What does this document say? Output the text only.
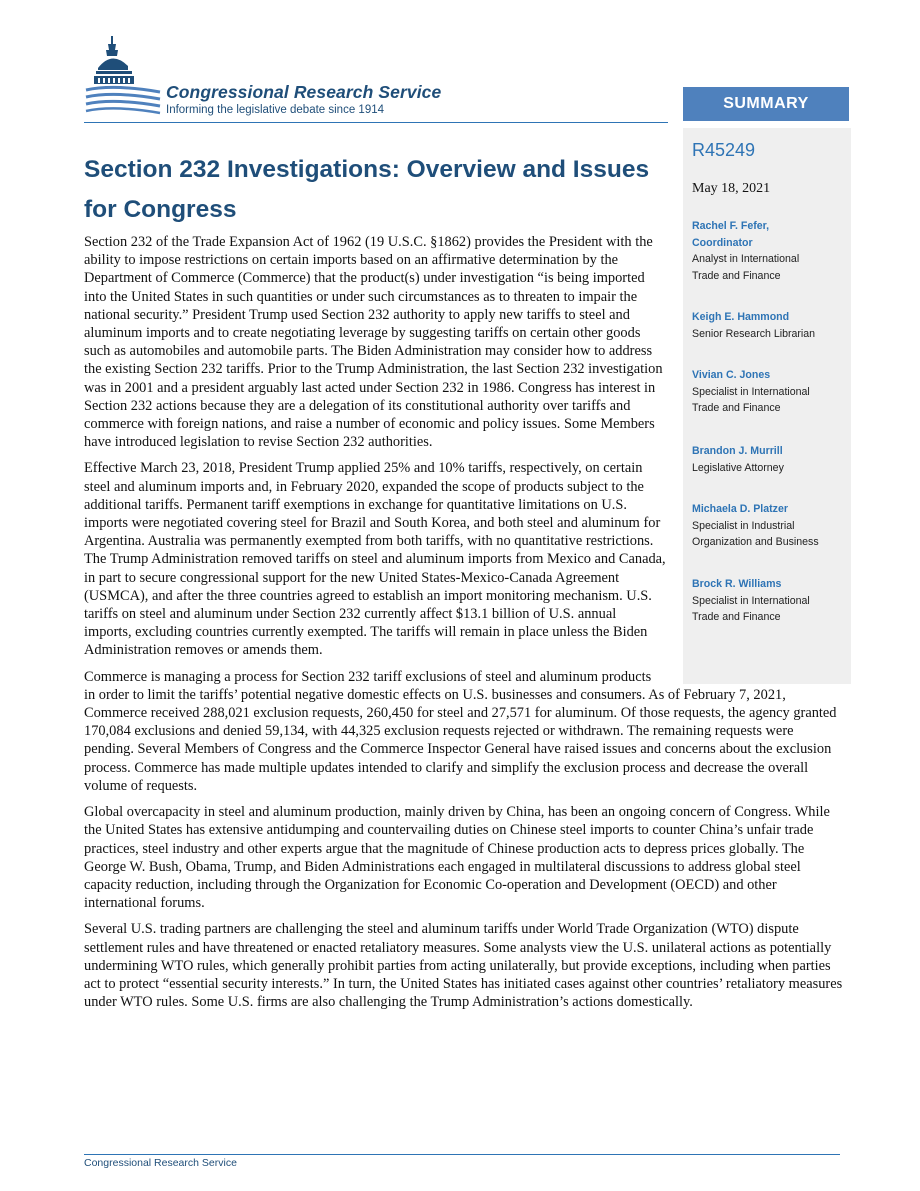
Congressional Research Service
Informing the legislative debate since 1914	SUMMARY
R45249
May 18, 2021
Rachel F. Fefer,
Coordinator
Analyst in International
Trade and Finance
Keigh E. Hammond
Senior Research Librarian
Vivian C. Jones
Specialist in International
Trade and Finance
Brandon J. Murrill
Legislative Attorney
Michaela D. Platzer
Specialist in Industrial
Organization and Business
Brock R. Williams
Specialist in International
Trade and Finance
Section 232 Investigations: Overview and Issues for Congress

Section 232 of the Trade Expansion Act of 1962 (19 U.S.C. §1862) provides the President with the ability to impose restrictions on certain imports based on an affirmative determination by the Department of Commerce (Commerce) that the product(s) under investigation “is being imported into the United States in such quantities or under such circumstances as to threaten to impair the national security.” President Trump used Section 232 authority to apply new tariffs to steel and aluminum imports and to create negotiating leverage by suggesting tariffs on certain other goods such as automobiles and automobile parts. The Biden Administration may consider how to address the existing Section 232 tariffs. Prior to the Trump Administration, the last Section 232 investigation was in 2001 and a president arguably last acted under Section 232 in 1986. Congress has interest in Section 232 actions because they are a delegation of its constitutional authority over tariffs and commerce with foreign nations, and raise a number of economic and policy issues. Some Members have introduced legislation to revise Section 232 authorities.

Effective March 23, 2018, President Trump applied 25% and 10% tariffs, respectively, on certain steel and aluminum imports and, in February 2020, expanded the scope of products subject to the additional tariffs. Permanent tariff exemptions in exchange for quantitative limitations on U.S. imports were negotiated covering steel for Brazil and South Korea, and both steel and aluminum for Argentina. Australia was permanently exempted from both tariffs, with no quantitative restrictions. The Trump Administration removed tariffs on steel and aluminum imports from Mexico and Canada, in part to secure congressional support for the new United States-Mexico-Canada Agreement (USMCA), and after the three countries agreed to establish an import monitoring mechanism. U.S. tariffs on steel and aluminum under Section 232 currently affect $13.1 billion of U.S. annual imports, excluding countries currently exempted. The tariffs will remain in place unless the Biden Administration removes or amends them.

Commerce is managing a process for Section 232 tariff exclusions of steel and aluminum products in order to limit the tariffs’ potential negative domestic effects on U.S. businesses and consumers. As of February 7, 2021, Commerce received 288,021 exclusion requests, 260,450 for steel and 27,571 for aluminum. Of those requests, the agency granted 170,084 exclusions and denied 59,134, with 44,325 exclusion requests rejected or withdrawn. The remaining requests were pending. Several Members of Congress and the Commerce Inspector General have raised issues and concerns about the exclusion process. Commerce has made multiple updates intended to clarify and simplify the exclusion process and decrease the overall volume of requests.

Global overcapacity in steel and aluminum production, mainly driven by China, has been an ongoing concern of Congress. While the United States has extensive antidumping and countervailing duties on Chinese steel imports to counter China’s unfair trade practices, steel industry and other experts argue that the magnitude of Chinese production acts to depress prices globally. The George W. Bush, Obama, Trump, and Biden Administrations each engaged in multilateral discussions to address global steel capacity reduction, including through the Organization for Economic Co-operation and Development (OECD) and other international forums.

Several U.S. trading partners are challenging the steel and aluminum tariffs under World Trade Organization (WTO) dispute settlement rules and have threatened or enacted retaliatory measures. Some analysts view the U.S. unilateral actions as potentially undermining WTO rules, which generally prohibit parties from acting unilaterally, but provide exceptions, including when parties act to protect “essential security interests.” In turn, the United States has initiated cases against other countries’ retaliatory measures under WTO rules. Some U.S. firms are also challenging the Trump Administration’s actions domestically.

Congressional Research Service
